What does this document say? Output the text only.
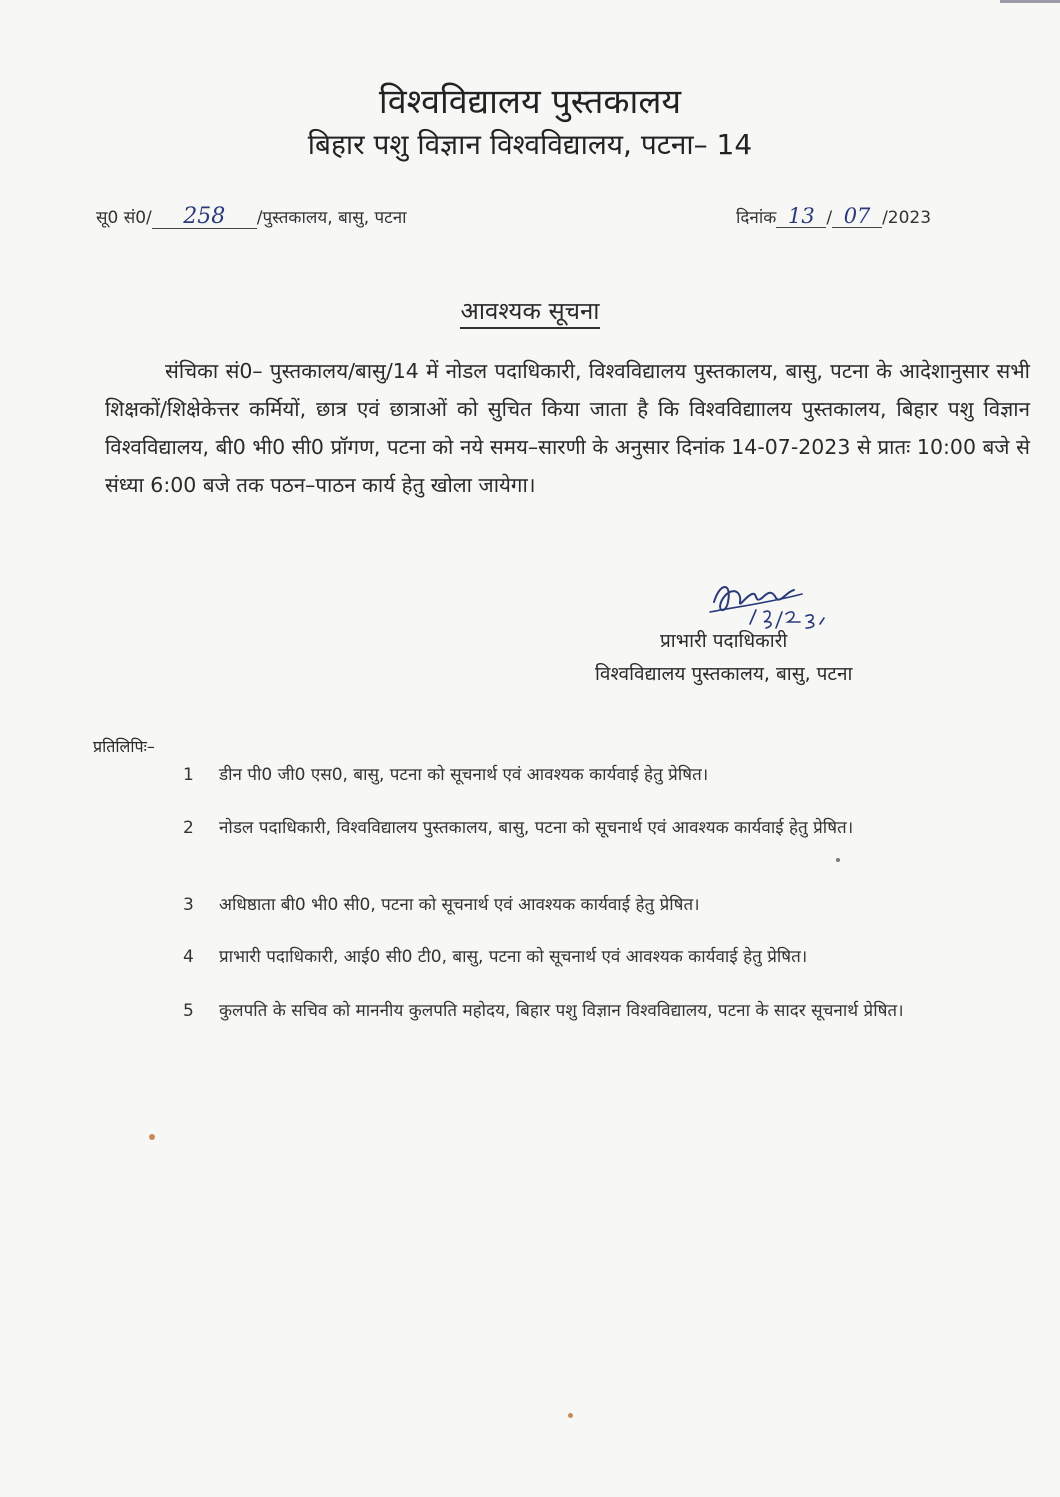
विश्वविद्यालय पुस्तकालय
बिहार पशु विज्ञान विश्वविद्यालय, पटना– 14
सू0 सं0/ 258 /पुस्तकालय, बासु, पटना	दिनांक 13 / 07 /2023
आवश्यक सूचना
संचिका सं0– पुस्तकालय/बासु/14 में नोडल पदाधिकारी, विश्वविद्यालय पुस्तकालय, बासु, पटना के आदेशानुसार सभी शिक्षकों/शिक्षेकेत्तर कर्मियों, छात्र एवं छात्राओं को सुचित किया जाता है कि विश्वविद्याालय पुस्तकालय, बिहार पशु विज्ञान विश्वविद्यालय, बी0 भी0 सी0 प्रॉगण, पटना को नये समय–सारणी के अनुसार दिनांक 14-07-2023 से प्रातः 10:00 बजे से संध्या 6:00 बजे तक पठन–पाठन कार्य हेतु खोला जायेगा।
प्राभारी पदाधिकारी
विश्वविद्यालय पुस्तकालय, बासु, पटना
प्रतिलिपिः–
1	डीन पी0 जी0 एस0, बासु, पटना को सूचनार्थ एवं आवश्यक कार्यवाई हेतु प्रेषित।
2	नोडल पदाधिकारी, विश्वविद्यालय पुस्तकालय, बासु, पटना को सूचनार्थ एवं आवश्यक कार्यवाई हेतु प्रेषित।
3	अधिष्ठाता बी0 भी0 सी0, पटना को सूचनार्थ एवं आवश्यक कार्यवाई हेतु प्रेषित।
4	प्राभारी पदाधिकारी, आई0 सी0 टी0, बासु, पटना को सूचनार्थ एवं आवश्यक कार्यवाई हेतु प्रेषित।
5	कुलपति के सचिव को माननीय कुलपति महोदय, बिहार पशु विज्ञान विश्वविद्यालय, पटना के सादर सूचनार्थ प्रेषित।
